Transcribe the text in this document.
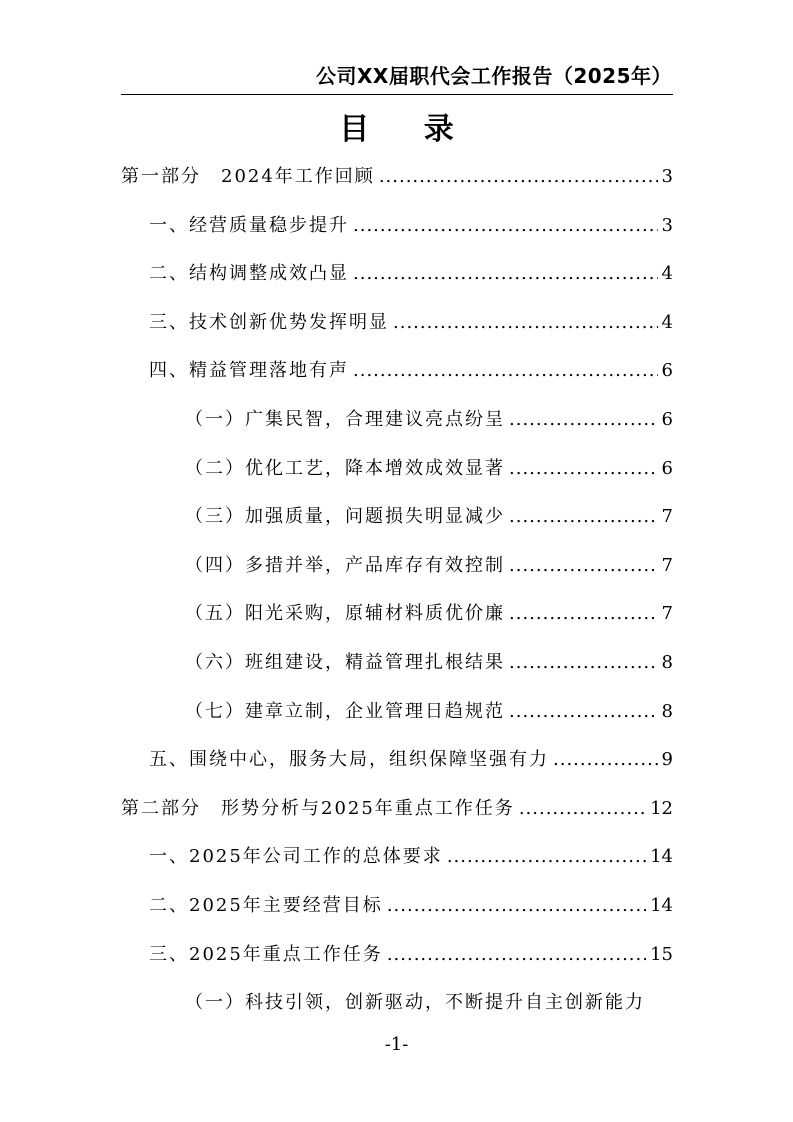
公司XX届职代会工作报告（2025年）
目 录
第一部分　2024年工作回顾 .....	3
一、经营质量稳步提升 .....	3
二、结构调整成效凸显 .....	4
三、技术创新优势发挥明显 .....	4
四、精益管理落地有声 .....	6
（一）广集民智，合理建议亮点纷呈 .....	6
（二）优化工艺，降本增效成效显著 .....	6
（三）加强质量，问题损失明显减少 .....	7
（四）多措并举，产品库存有效控制 .....	7
（五）阳光采购，原辅材料质优价廉 .....	7
（六）班组建设，精益管理扎根结果 .....	8
（七）建章立制，企业管理日趋规范 .....	8
五、围绕中心，服务大局，组织保障坚强有力 .....	9
第二部分　形势分析与2025年重点工作任务 .....	12
一、2025年公司工作的总体要求 .....	14
二、2025年主要经营目标 .....	14
三、2025年重点工作任务 .....	15
（一）科技引领，创新驱动，不断提升自主创新能力
-1-
